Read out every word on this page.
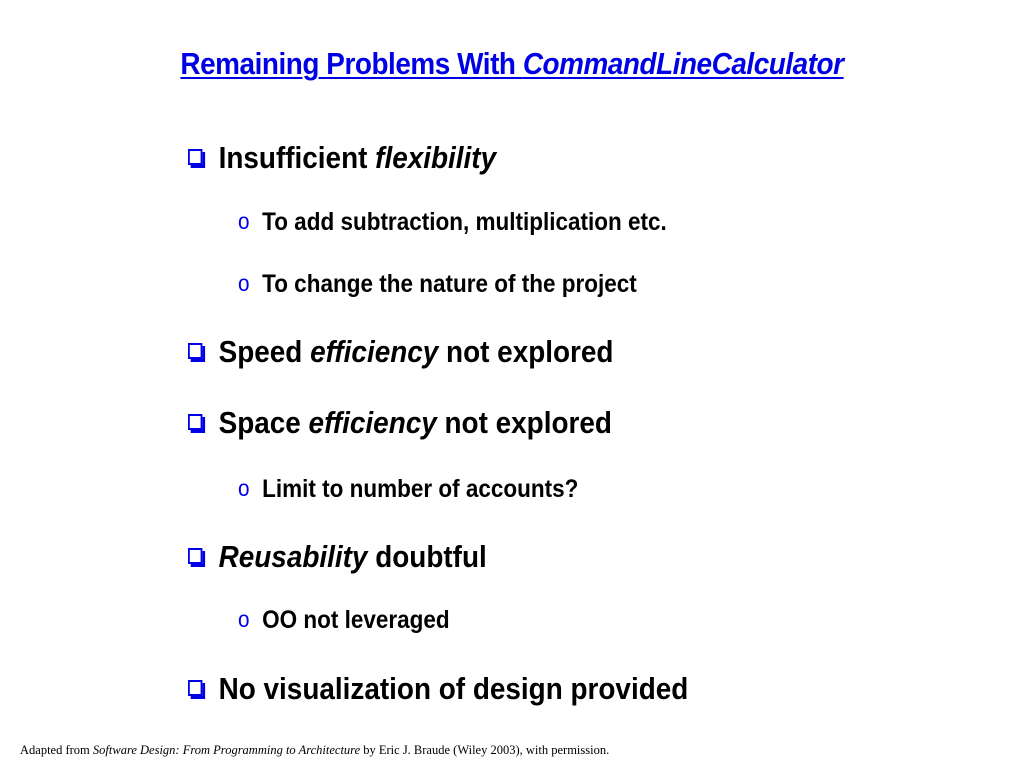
Remaining Problems With CommandLineCalculator
Insufficient flexibility
o To add subtraction, multiplication etc.
o To change the nature of the project
Speed efficiency not explored
Space efficiency not explored
o Limit to number of accounts?
Reusability doubtful
o OO not leveraged
No visualization of design provided
Adapted from Software Design: From Programming to Architecture by Eric J. Braude (Wiley 2003), with permission.
